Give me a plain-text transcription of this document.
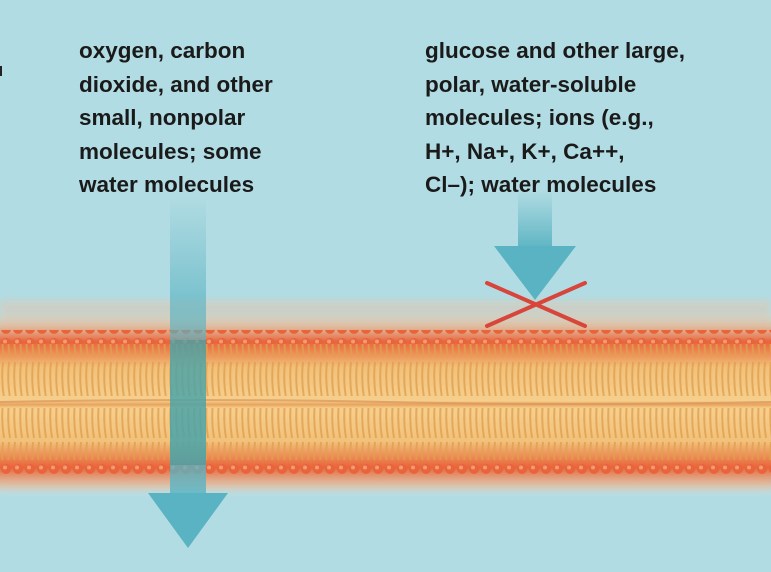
oxygen, carbon
dioxide, and other
small, nonpolar
molecules; some
water molecules
glucose and other large,
polar, water-soluble
molecules; ions (e.g.,
H+, Na+, K+, Ca++,
Cl–); water molecules
